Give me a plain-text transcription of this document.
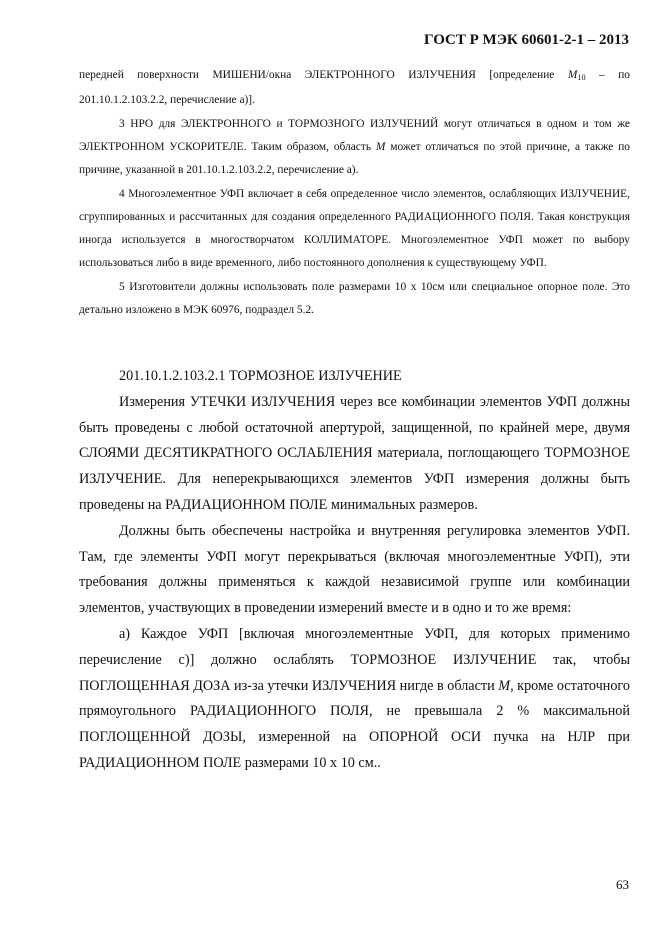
ГОСТ Р МЭК 60601-2-1 – 2013

передней поверхности МИШЕНИ/окна ЭЛЕКТРОННОГО ИЗЛУЧЕНИЯ [определение $М_{10}$ – по 201.10.1.2.103.2.2, перечисление а)].

3 НРО для ЭЛЕКТРОННОГО и ТОРМОЗНОГО ИЗЛУЧЕНИЙ могут отличаться в одном и том же ЭЛЕКТРОННОМ УСКОРИТЕЛЕ. Таким образом, область М может отличаться по этой причине, а также по причине, указанной в 201.10.1.2.103.2.2, перечисление а).

4 Многоэлементное УФП включает в себя определенное число элементов, ослабляющих ИЗЛУЧЕНИЕ, сгруппированных и рассчитанных для создания определенного РАДИАЦИОННОГО ПОЛЯ. Такая конструкция иногда используется в многостворчатом КОЛЛИМАТОРЕ. Многоэлементное УФП может по выбору использоваться либо в виде временного, либо постоянного дополнения к существующему УФП.

5 Изготовители должны использовать поле размерами 10 х 10см или специальное опорное поле. Это детально изложено в МЭК 60976, подраздел 5.2.

201.10.1.2.103.2.1 ТОРМОЗНОЕ ИЗЛУЧЕНИЕ

Измерения УТЕЧКИ ИЗЛУЧЕНИЯ через все комбинации элементов УФП должны быть проведены с любой остаточной апертурой, защищенной, по крайней мере, двумя СЛОЯМИ ДЕСЯТИКРАТНОГО ОСЛАБЛЕНИЯ материала, поглощающего ТОРМОЗНОЕ ИЗЛУЧЕНИЕ. Для неперекрывающихся элементов УФП измерения должны быть проведены на РАДИАЦИОННОМ ПОЛЕ минимальных размеров.

Должны быть обеспечены настройка и внутренняя регулировка элементов УФП. Там, где элементы УФП могут перекрываться (включая многоэлементные УФП), эти требования должны применяться к каждой независимой группе или комбинации элементов, участвующих в проведении измерений вместе и в одно и то же время:

а) Каждое УФП [включая многоэлементные УФП, для которых применимо перечисление с)] должно ослаблять ТОРМОЗНОЕ ИЗЛУЧЕНИЕ так, чтобы ПОГЛОЩЕННАЯ ДОЗА из-за утечки ИЗЛУЧЕНИЯ нигде в области М, кроме остаточного прямоугольного РАДИАЦИОННОГО ПОЛЯ, не превышала 2 % максимальной ПОГЛОЩЕННОЙ ДОЗЫ, измеренной на ОПОРНОЙ ОСИ пучка на НЛР при РАДИАЦИОННОМ ПОЛЕ размерами 10 х 10 см..

63
